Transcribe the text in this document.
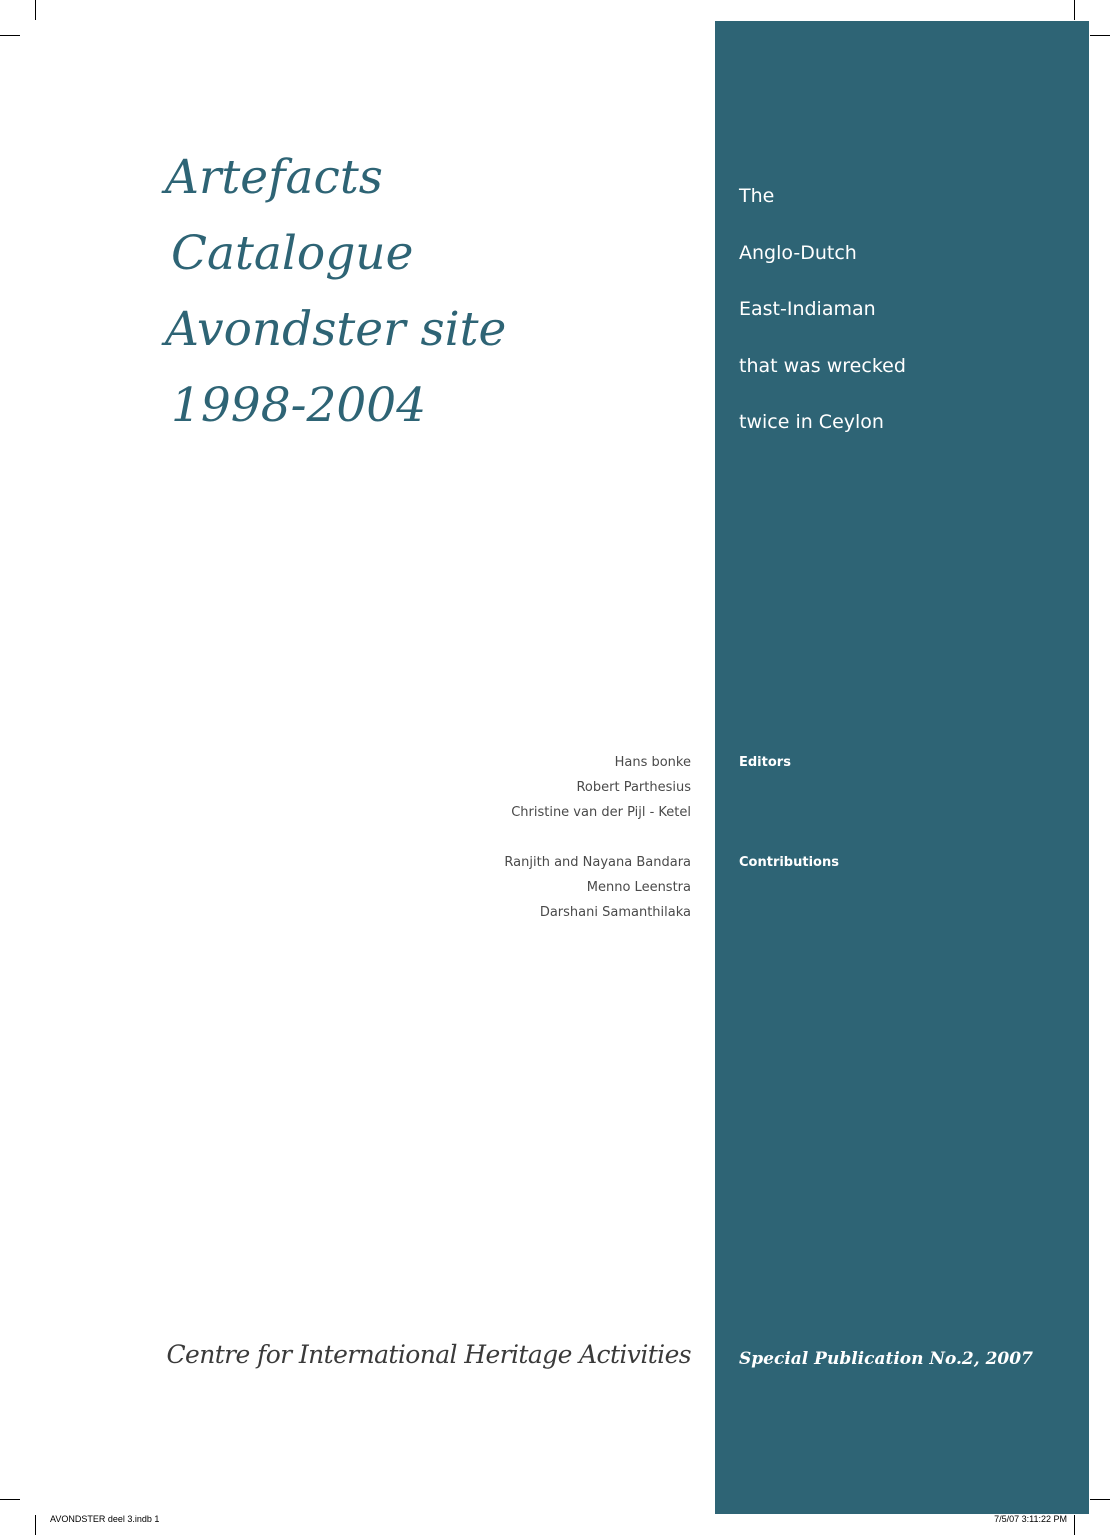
Artefacts
Catalogue
Avondster site
1998-2004
The
Anglo-Dutch
East-Indiaman
that was wrecked
twice in Ceylon
Hans bonke
Robert Parthesius
Christine van der Pijl - Ketel
Editors
Ranjith and Nayana Bandara
Menno Leenstra
Darshani Samanthilaka
Contributions
Centre for International Heritage Activities	Special Publication No.2, 2007
AVONDSTER deel 3.indb 1	7/5/07 3:11:22 PM
